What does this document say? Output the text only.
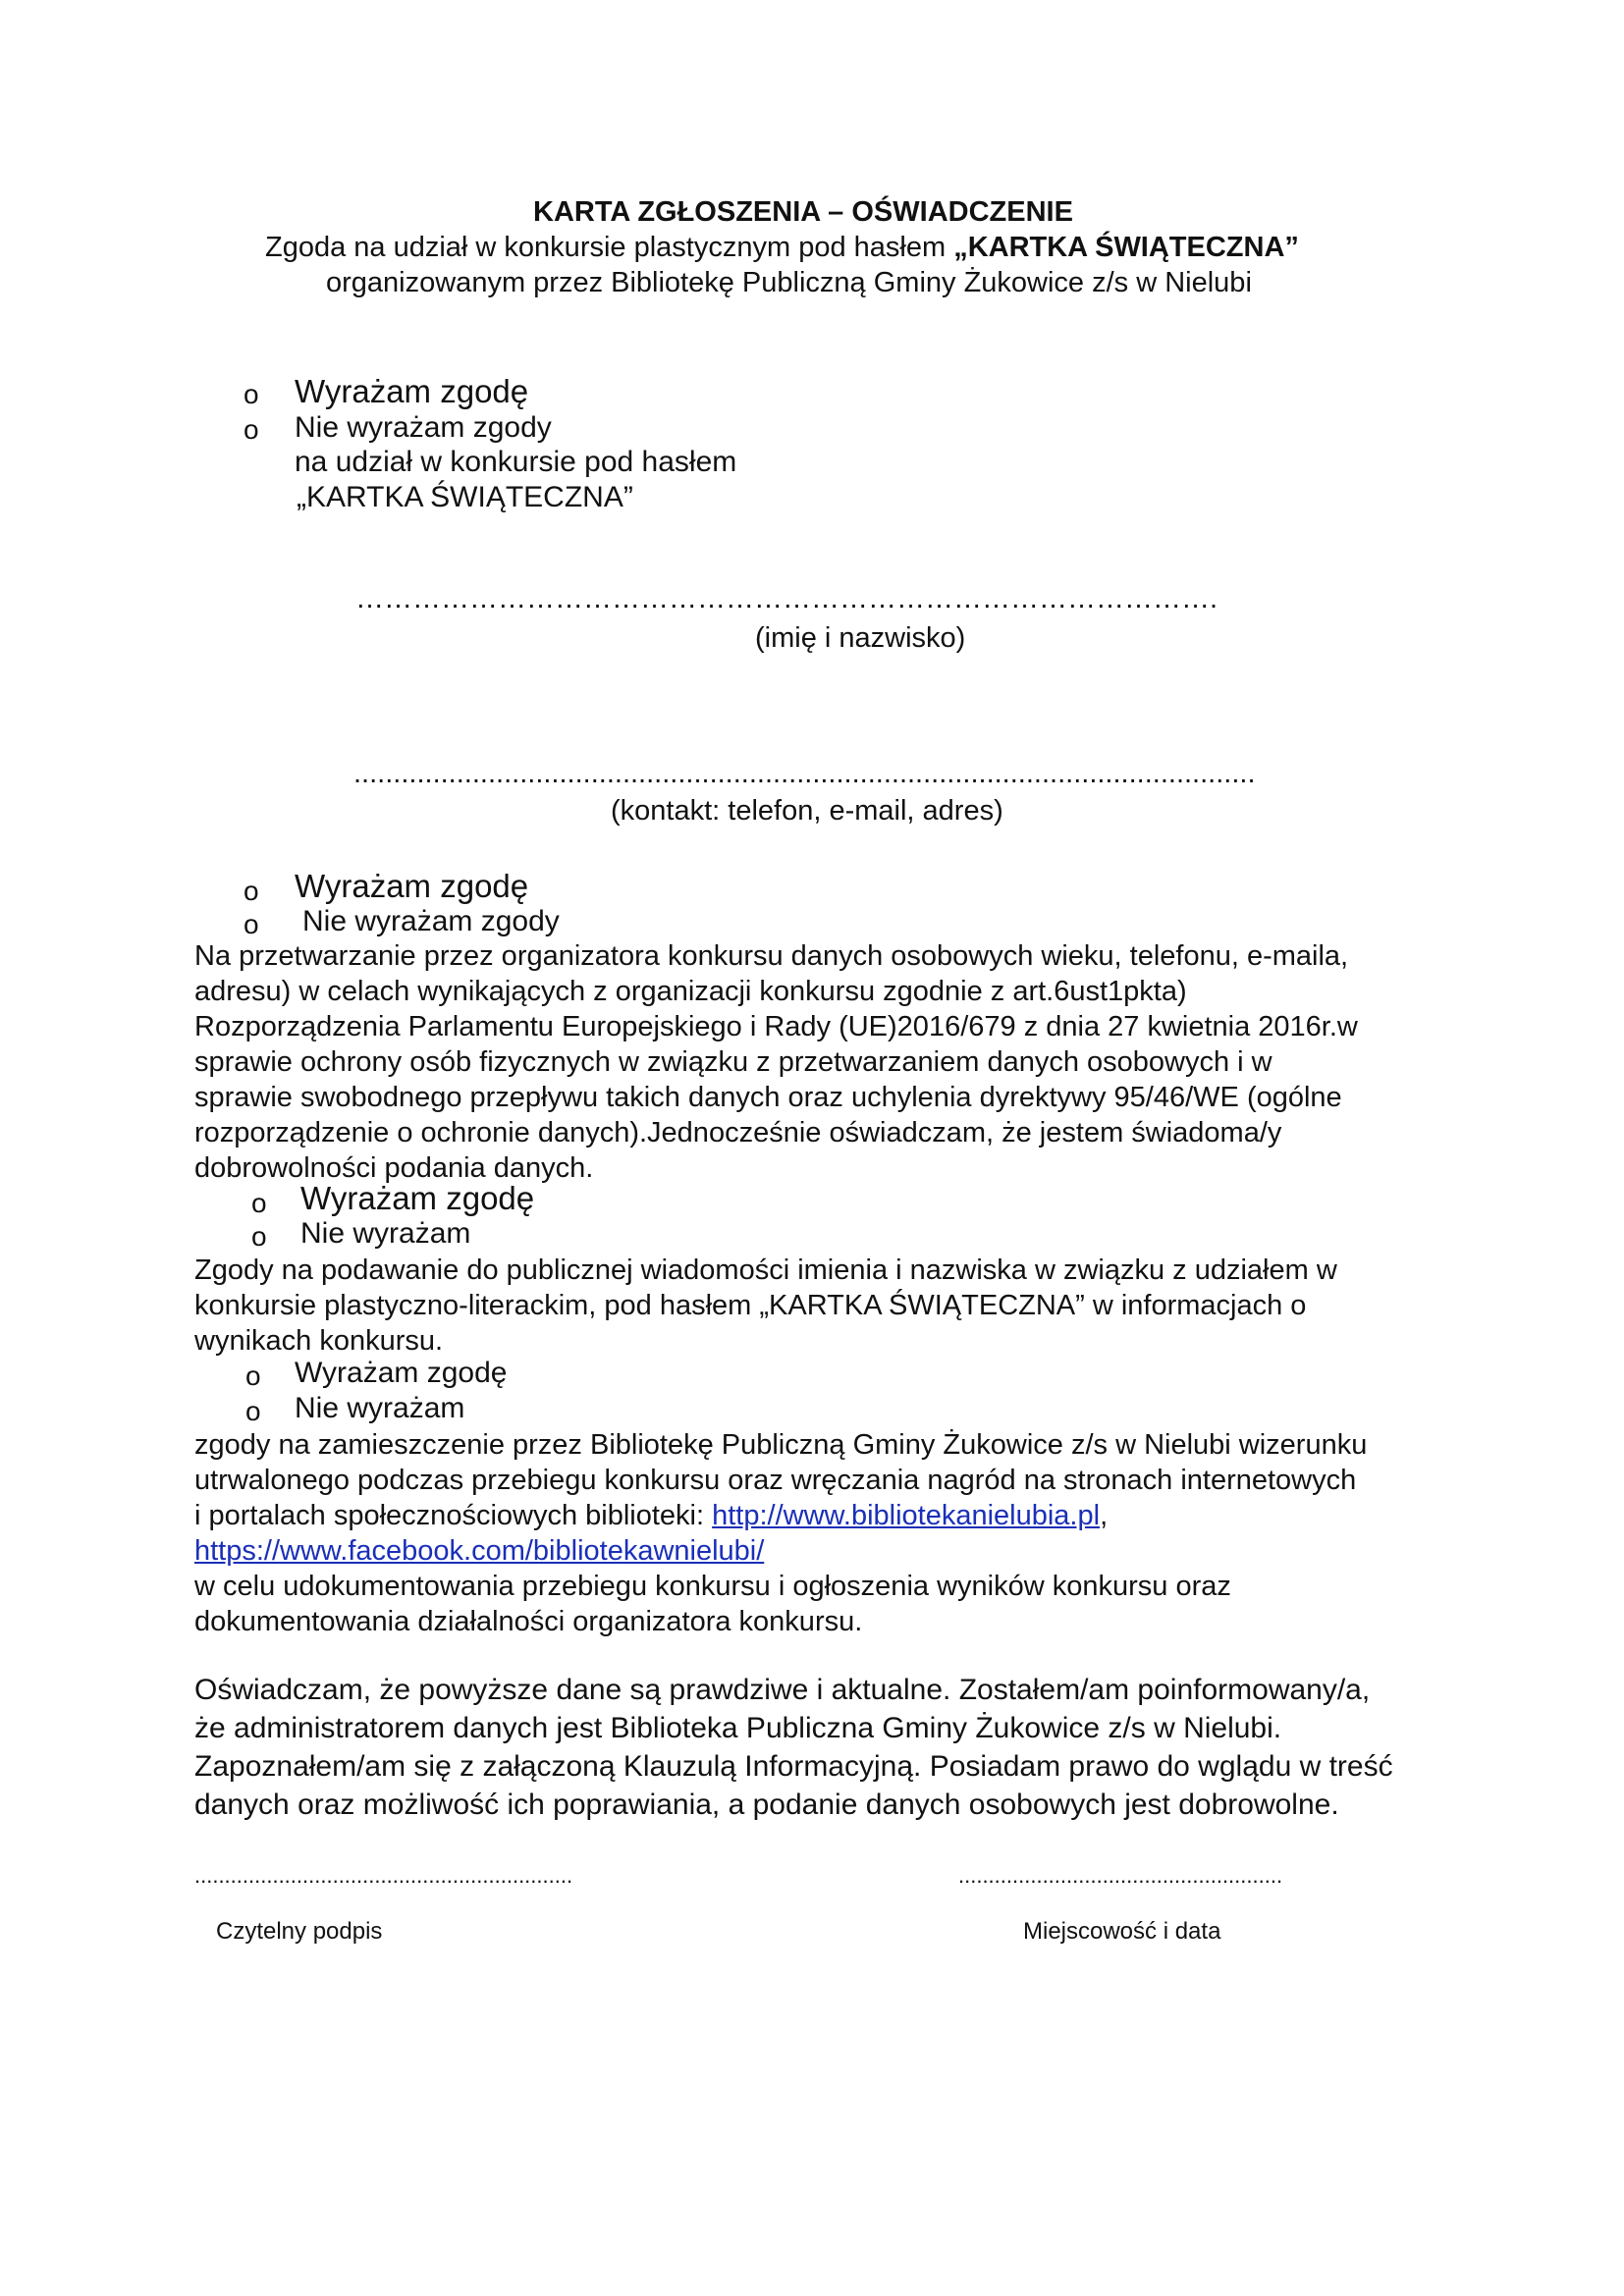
KARTA ZGŁOSZENIA – OŚWIADCZENIE
Zgoda na udział w konkursie plastycznym pod hasłem „KARTKA ŚWIĄTECZNA”
organizowanym przez Bibliotekę Publiczną Gminy Żukowice z/s w Nielubi
o Wyrażam zgodę
o Nie wyrażam zgody
na udział w konkursie pod hasłem
„KARTKA ŚWIĄTECZNA”
……………………………………………………………………………….
(imię i nazwisko)
..................................................................................................................
(kontakt: telefon, e-mail, adres)
o Wyrażam zgodę
o Nie wyrażam zgody
Na przetwarzanie przez organizatora konkursu danych osobowych wieku, telefonu, e-maila,
adresu) w celach wynikających z organizacji konkursu zgodnie z art.6ust1pkta)
Rozporządzenia Parlamentu Europejskiego i Rady (UE)2016/679 z dnia 27 kwietnia 2016r.w
sprawie ochrony osób fizycznych w związku z przetwarzaniem danych osobowych i w
sprawie swobodnego przepływu takich danych oraz uchylenia dyrektywy 95/46/WE (ogólne
rozporządzenie o ochronie danych).Jednocześnie oświadczam, że jestem świadoma/y
dobrowolności podania danych.
o Wyrażam zgodę
o Nie wyrażam
Zgody na podawanie do publicznej wiadomości imienia i nazwiska w związku z udziałem w
konkursie plastyczno-literackim, pod hasłem „KARTKA ŚWIĄTECZNA” w informacjach o
wynikach konkursu.
o Wyrażam zgodę
o Nie wyrażam
zgody na zamieszczenie przez Bibliotekę Publiczną Gminy Żukowice z/s w Nielubi wizerunku
utrwalonego podczas przebiegu konkursu oraz wręczania nagród na stronach internetowych
i portalach społecznościowych biblioteki: http://www.bibliotekanielubia.pl,
https://www.facebook.com/bibliotekawnielubi/
w celu udokumentowania przebiegu konkursu i ogłoszenia wyników konkursu oraz
dokumentowania działalności organizatora konkursu.
Oświadczam, że powyższe dane są prawdziwe i aktualne. Zostałem/am poinformowany/a,
że administratorem danych jest Biblioteka Publiczna Gminy Żukowice z/s w Nielubi.
Zapoznałem/am się z załączoną Klauzulą Informacyjną. Posiadam prawo do wglądu w treść
danych oraz możliwość ich poprawiania, a podanie danych osobowych jest dobrowolne.
...............................................................	......................................................
Czytelny podpis	Miejscowość i data
